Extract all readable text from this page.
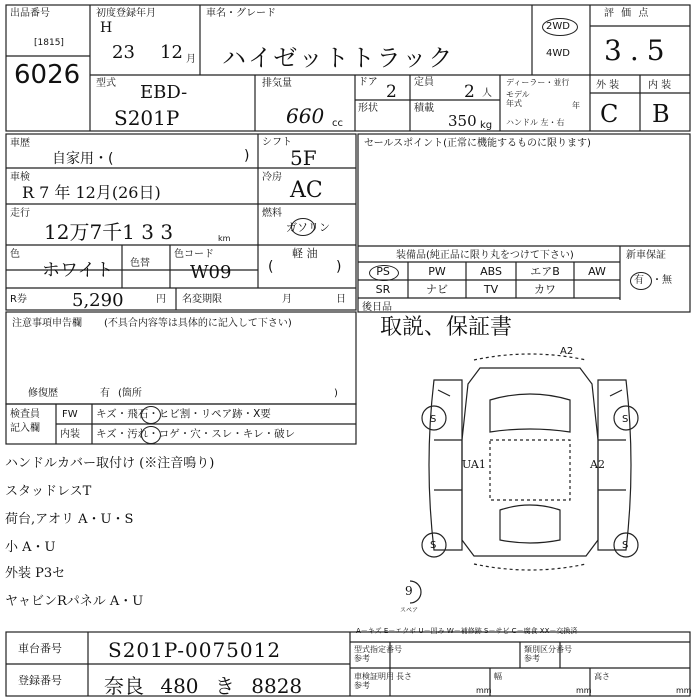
出品番号
[1815]
6026
初度登録年月
H
23 12 月
車名・グレード
ハイゼットトラック
2WD
4WD
評 価 点
3.5
型式 EBD-
S201P
排気量
660 cc
ドア 2 定員 2 人
形状	積載
350 kg
ディーラー・並行
モデル
年式	年
ハンドル 左・右
外 装	内 装
C B
車歴
自家用・(	)
シフト
5F
車検
R 7 年 12月(26日)
冷房
AC
走行
12万7千1 3 3	km
燃料
ガソリン
軽 油
(	)
色
ホワイト 色替
色コード
W09
R券	5,290	円 名変期限	月	日
注意事項申告欄 (不具合内容等は具体的に記入して下さい)
修復歴	有 (箇所	)
検査員
記入欄
FW キズ・飛石・ヒビ割・リペア跡・X要
内装 キズ・汚れ・コゲ・穴・スレ・キレ・破レ
ハンドルカバー取付け (※注音鳴り)
スタッドレスT
荷台,アオリ A・U・S
小 A・U
外装 P3セ
ヤャビンRパネル A・U
セールスポイント(正常に機能するものに限ります)
装備品(純正品に限り丸をつけて下さい)	新車保証
PS	PW	ABS	エアB	AW
SR	ナビ	TV	カワ
有 ・無
後日品
取説、保証書
A2
UA1	A2
S	S
S	S
9
スペア
A－キズ E－エクボ U－凹み W－補修跡 S－サビ C－腐食 XX－交換済
車台番号 S201P-0075012
登録番号 奈良 480 き 8828
型式指定番号
参考
類別区分番号
参考
車検証明用
参考
長さ	幅	高さ
mm	mm	mm
